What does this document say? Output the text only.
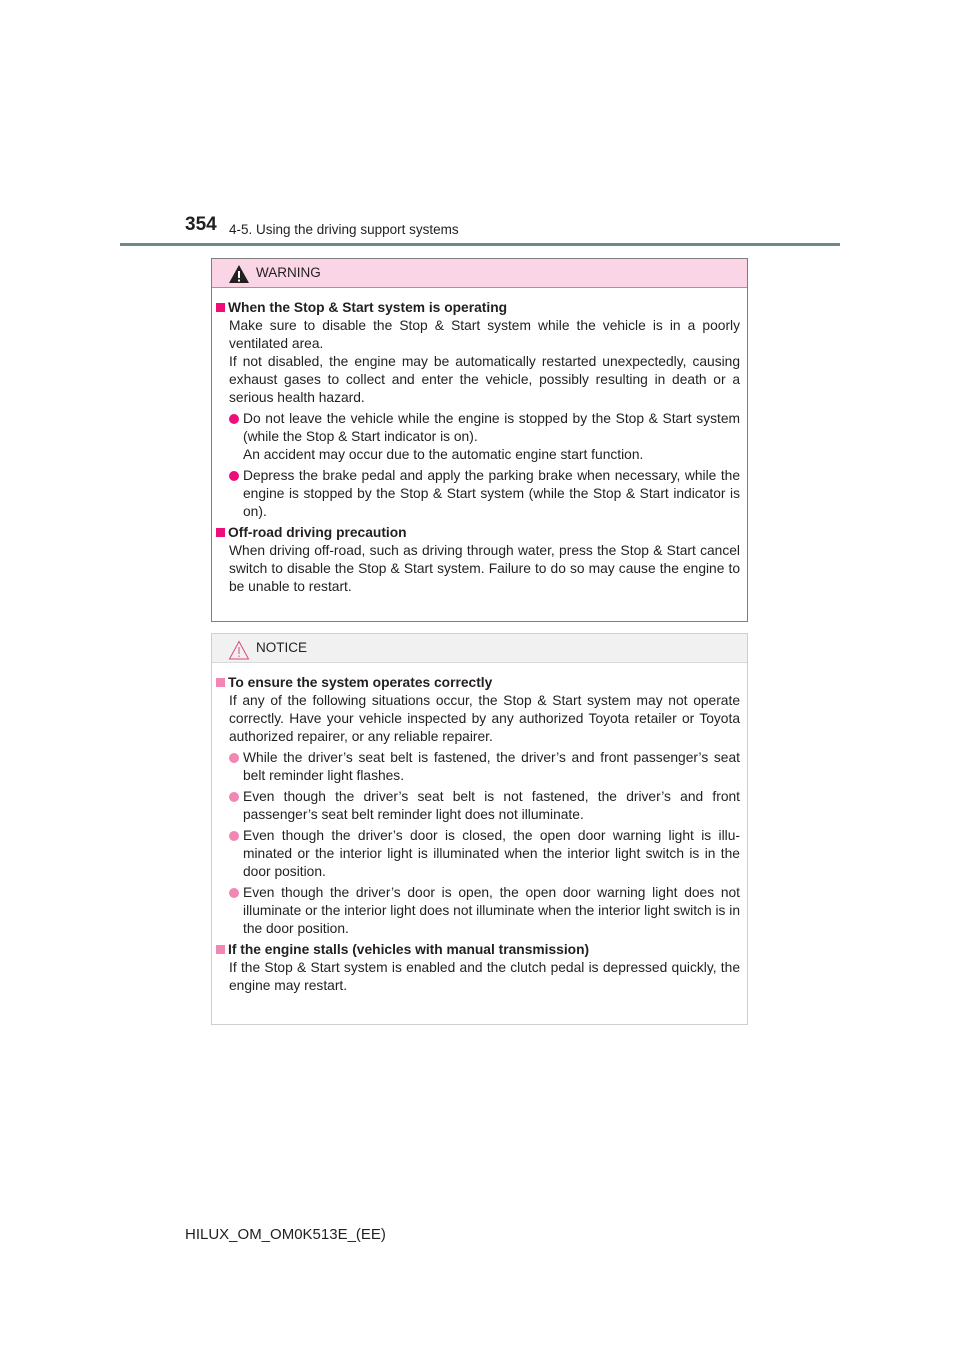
354 4-5. Using the driving support systems
WARNING
When the Stop & Start system is operating
Make sure to disable the Stop & Start system while the vehicle is in a poorly ventilated area.
If not disabled, the engine may be automatically restarted unexpectedly, causing exhaust gases to collect and enter the vehicle, possibly resulting in death or a serious health hazard.
Do not leave the vehicle while the engine is stopped by the Stop & Start system (while the Stop & Start indicator is on).
An accident may occur due to the automatic engine start function.
Depress the brake pedal and apply the parking brake when necessary, while the engine is stopped by the Stop & Start system (while the Stop & Start indicator is on).
Off-road driving precaution
When driving off-road, such as driving through water, press the Stop & Start cancel switch to disable the Stop & Start system. Failure to do so may cause the engine to be unable to restart.
NOTICE
To ensure the system operates correctly
If any of the following situations occur, the Stop & Start system may not operate correctly. Have your vehicle inspected by any authorized Toyota retailer or Toyota authorized repairer, or any reliable repairer.
While the driver’s seat belt is fastened, the driver’s and front passenger’s seat belt reminder light flashes.
Even though the driver’s seat belt is not fastened, the driver’s and front passenger’s seat belt reminder light does not illuminate.
Even though the driver’s door is closed, the open door warning light is illu-minated or the interior light is illuminated when the interior light switch is in the door position.
Even though the driver’s door is open, the open door warning light does not illuminate or the interior light does not illuminate when the interior light switch is in the door position.
If the engine stalls (vehicles with manual transmission)
If the Stop & Start system is enabled and the clutch pedal is depressed quickly, the engine may restart.
HILUX_OM_OM0K513E_(EE)
